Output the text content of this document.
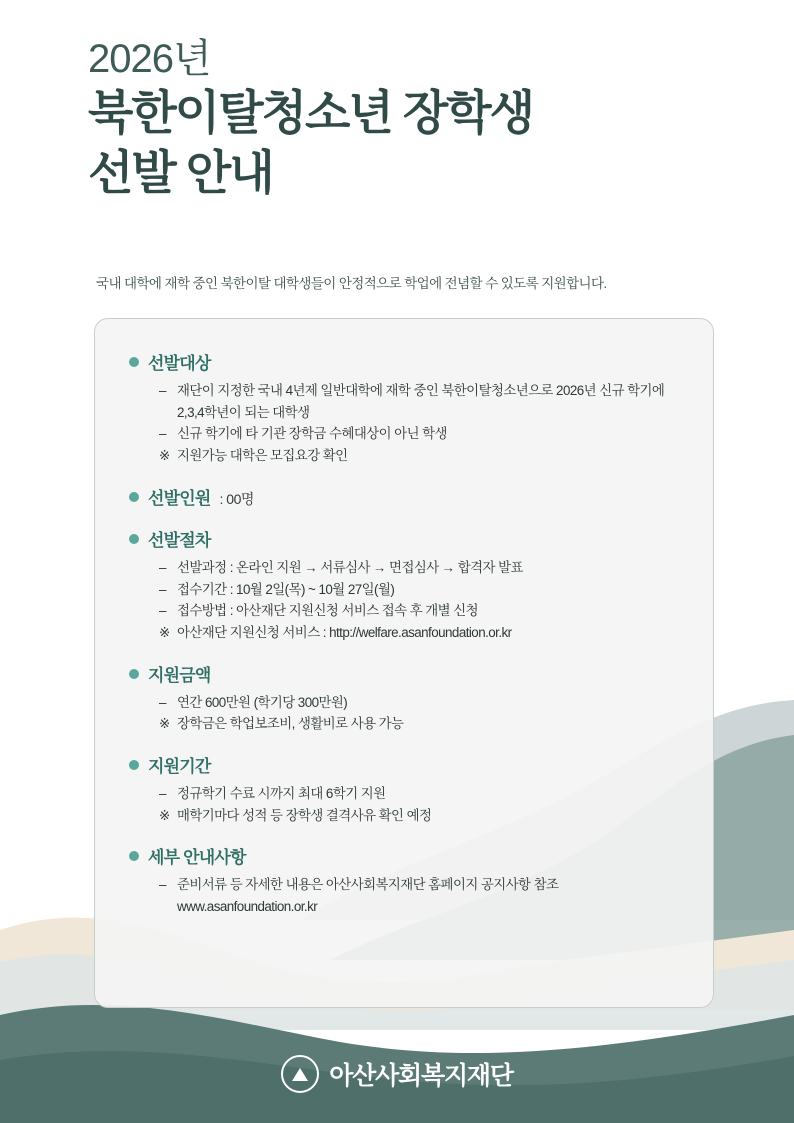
2026년
북한이탈청소년 장학생
선발 안내
국내 대학에 재학 중인 북한이탈 대학생들이 안정적으로 학업에 전념할 수 있도록 지원합니다.
선발대상
– 재단이 지정한 국내 4년제 일반대학에 재학 중인 북한이탈청소년으로 2026년 신규 학기에
2,3,4학년이 되는 대학생
– 신규 학기에 타 기관 장학금 수혜대상이 아닌 학생
※ 지원가능 대학은 모집요강 확인
선발인원 : 00명
선발절차
– 선발과정 : 온라인 지원 → 서류심사 → 면접심사 → 합격자 발표
– 접수기간 : 10월 2일(목) ~ 10월 27일(월)
– 접수방법 : 아산재단 지원신청 서비스 접속 후 개별 신청
※ 아산재단 지원신청 서비스 : http://welfare.asanfoundation.or.kr
지원금액
– 연간 600만원 (학기당 300만원)
※ 장학금은 학업보조비, 생활비로 사용 가능
지원기간
– 정규학기 수료 시까지 최대 6학기 지원
※ 매학기마다 성적 등 장학생 결격사유 확인 예정
세부 안내사항
– 준비서류 등 자세한 내용은 아산사회복지재단 홈페이지 공지사항 참조
www.asanfoundation.or.kr
아산사회복지재단
